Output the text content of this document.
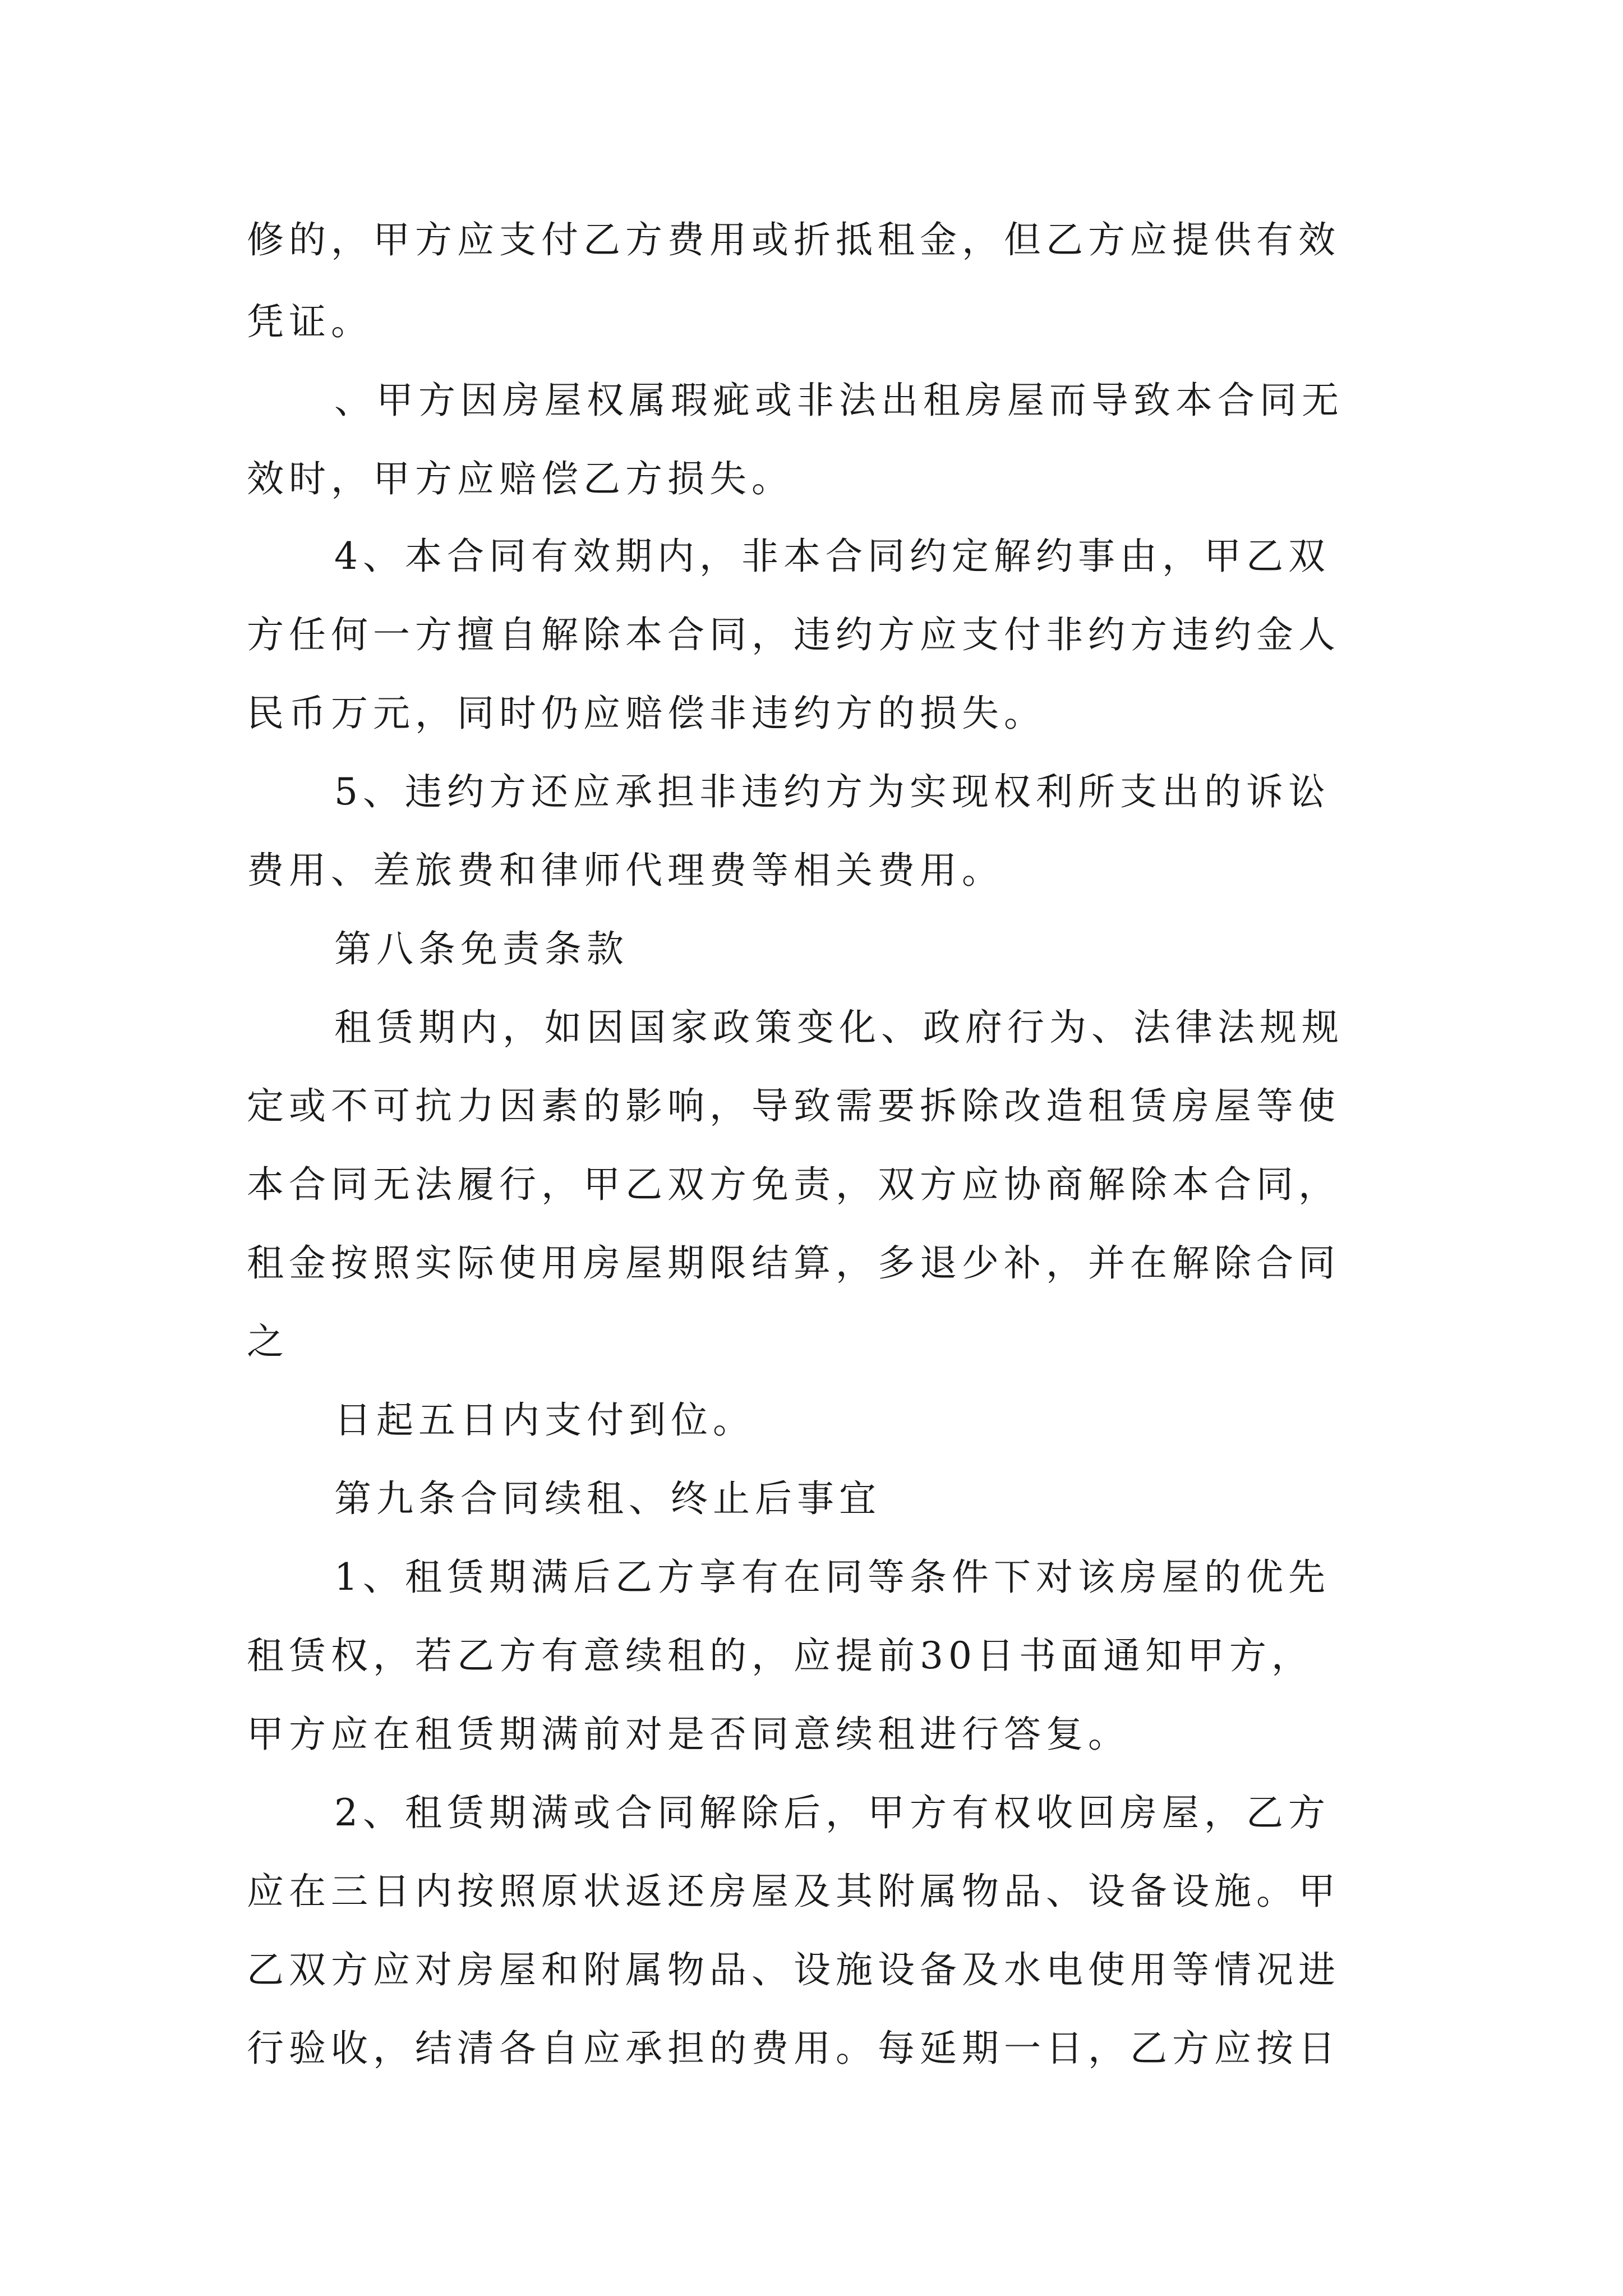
修的，甲方应支付乙方费用或折抵租金，但乙方应提供有效
凭证。
、甲方因房屋权属瑕疵或非法出租房屋而导致本合同无
效时，甲方应赔偿乙方损失。
4、本合同有效期内，非本合同约定解约事由，甲乙双
方任何一方擅自解除本合同，违约方应支付非约方违约金人
民币万元，同时仍应赔偿非违约方的损失。
5、违约方还应承担非违约方为实现权利所支出的诉讼
费用、差旅费和律师代理费等相关费用。
第八条免责条款
租赁期内，如因国家政策变化、政府行为、法律法规规
定或不可抗力因素的影响，导致需要拆除改造租赁房屋等使
本合同无法履行，甲乙双方免责，双方应协商解除本合同，
租金按照实际使用房屋期限结算，多退少补，并在解除合同
之
日起五日内支付到位。
第九条合同续租、终止后事宜
1、租赁期满后乙方享有在同等条件下对该房屋的优先
租赁权，若乙方有意续租的，应提前30日书面通知甲方，
甲方应在租赁期满前对是否同意续租进行答复。
2、租赁期满或合同解除后，甲方有权收回房屋，乙方
应在三日内按照原状返还房屋及其附属物品、设备设施。甲
乙双方应对房屋和附属物品、设施设备及水电使用等情况进
行验收，结清各自应承担的费用。每延期一日，乙方应按日
